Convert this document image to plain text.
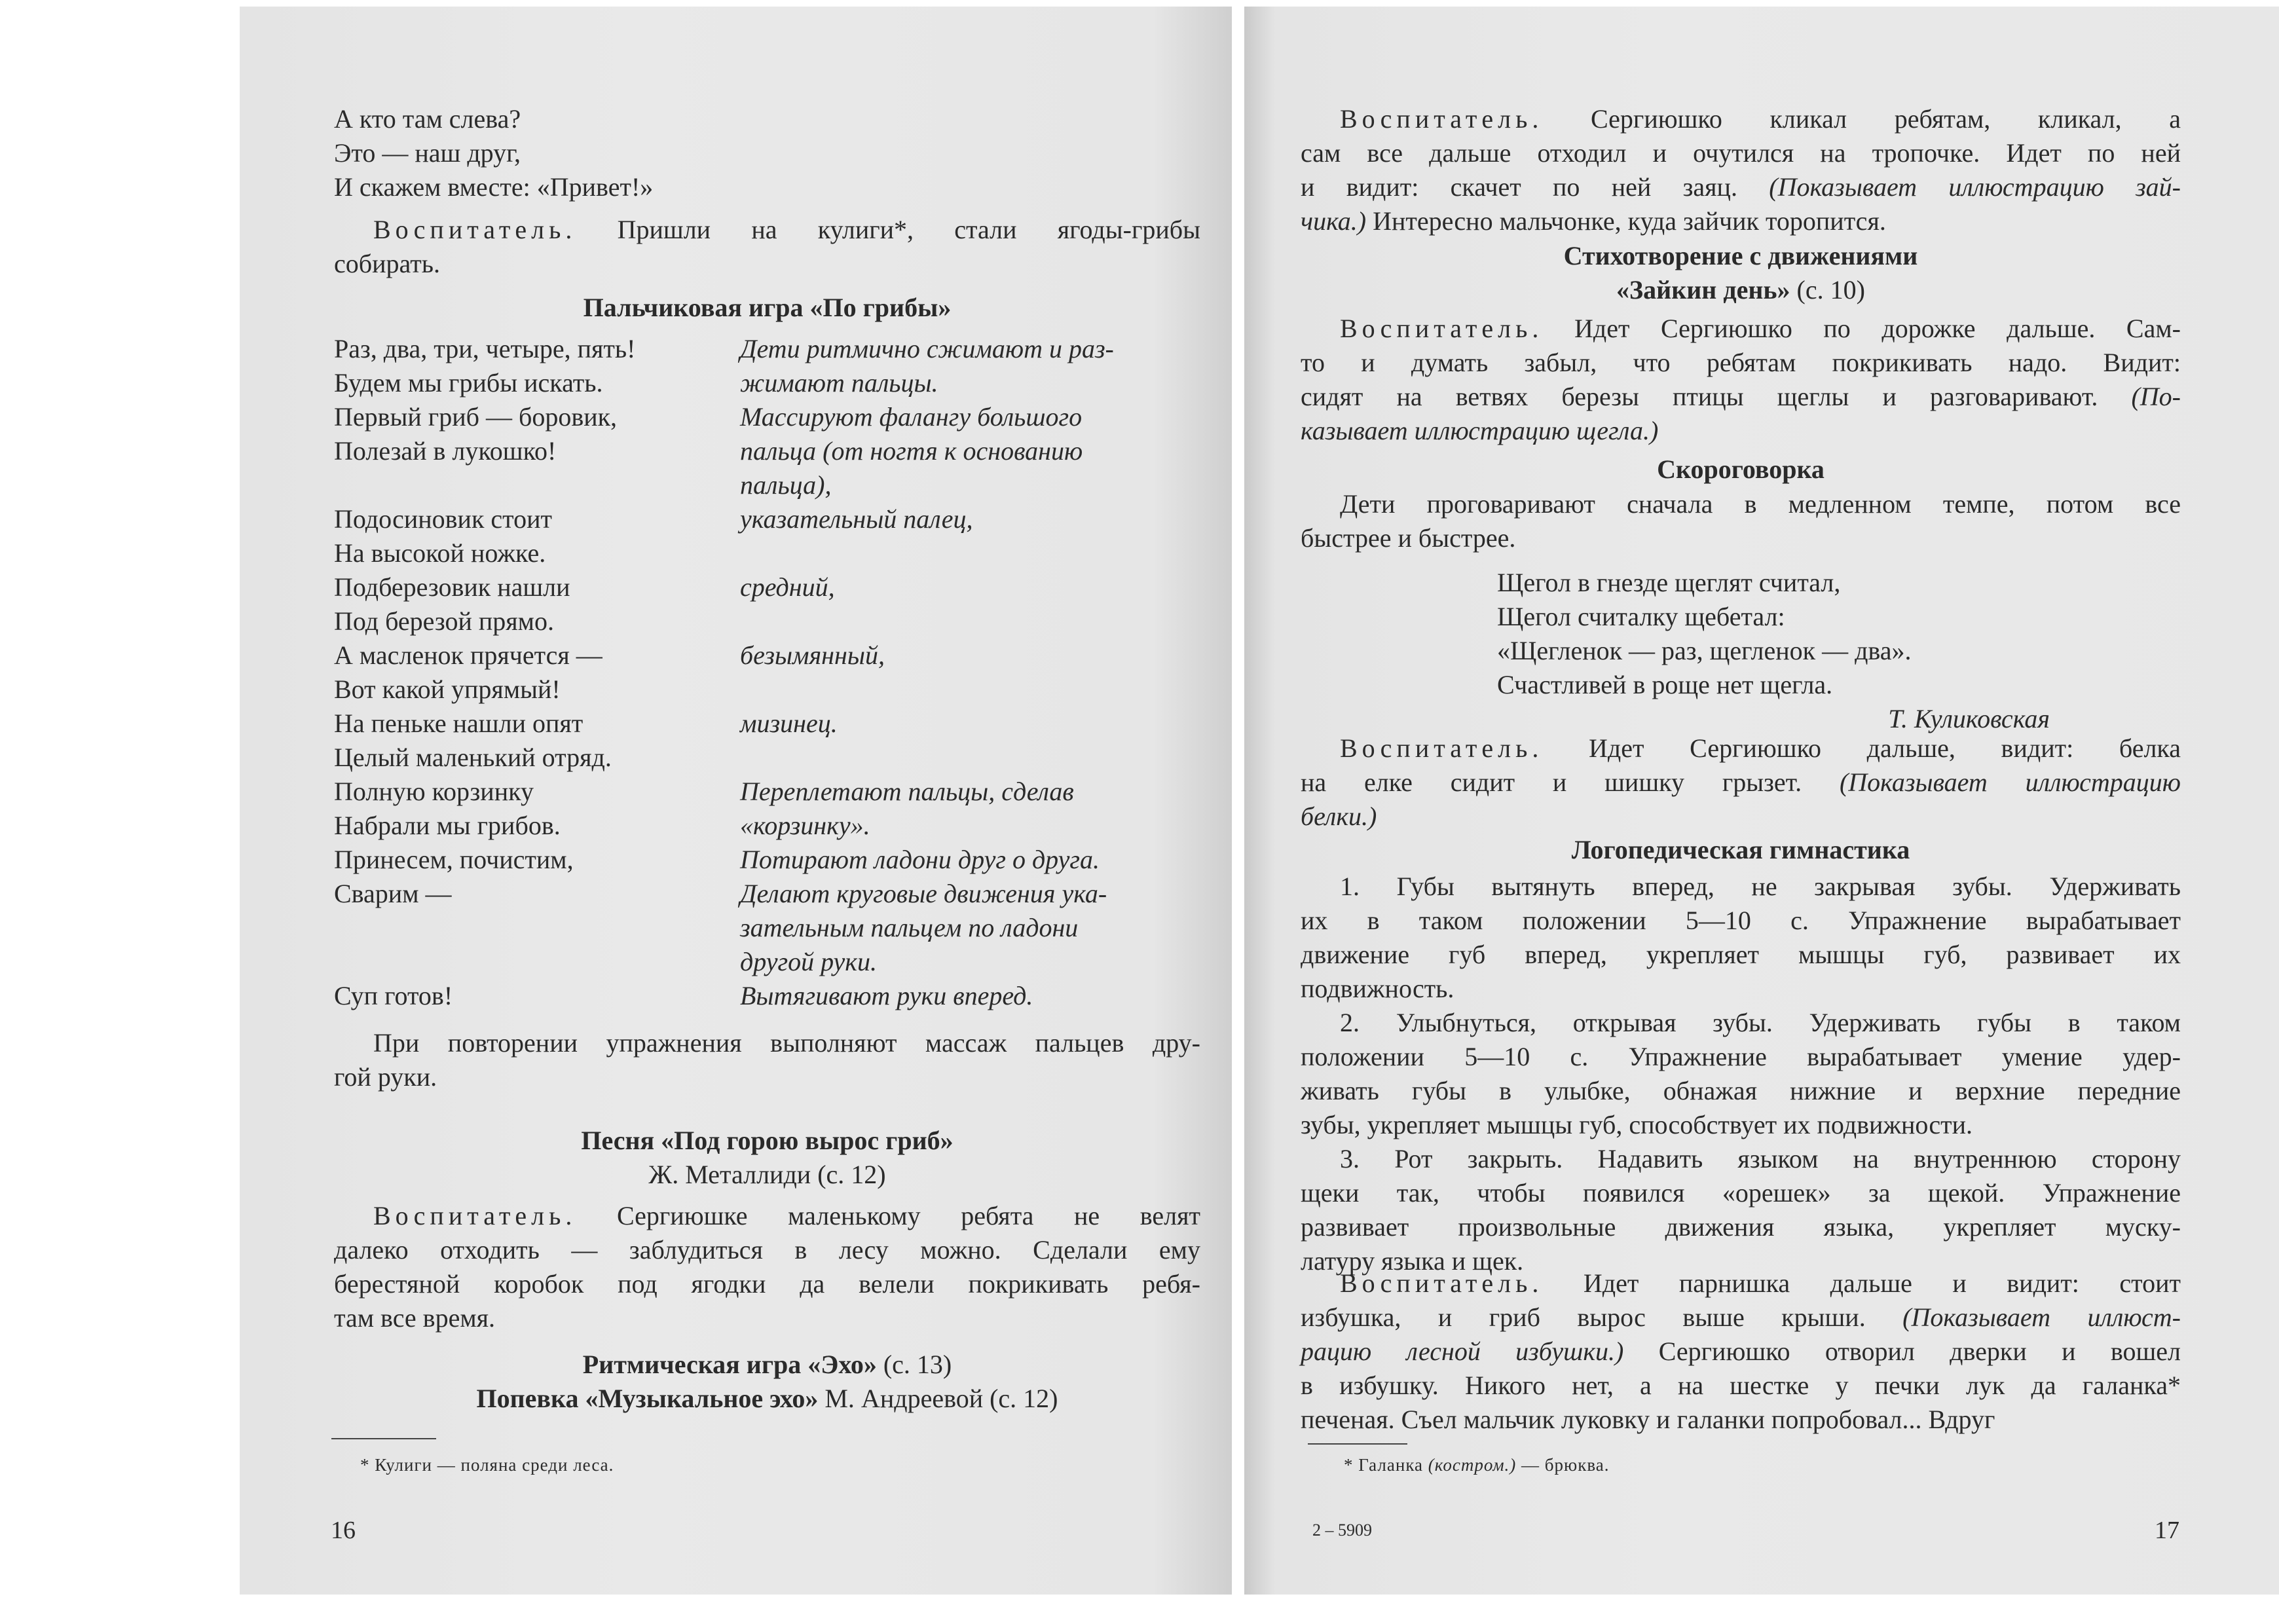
А кто там слева?
Это — наш друг,
И скажем вместе: «Привет!»
Воспитатель. Пришли на кулиги*, стали ягоды-грибы
собирать.
Пальчиковая игра «По грибы»
Раз, два, три, четыре, пять!	Дети ритмично сжимают и раз-
Будем мы грибы искать.	жимают пальцы.
Первый гриб — боровик,	Массируют фалангу большого
Полезай в лукошко!	пальца (от ногтя к основанию
	пальца),
Подосиновик стоит	указательный палец,
На высокой ножке.	
Подберезовик нашли	средний,
Под березой прямо.	
А масленок прячется —	безымянный,
Вот какой упрямый!	
На пеньке нашли опят	мизинец.
Целый маленький отряд.	
Полную корзинку	Переплетают пальцы, сделав
Набрали мы грибов.	«корзинку».
Принесем, почистим,	Потирают ладони друг о друга.
Сварим —	Делают круговые движения ука-
	зательным пальцем по ладони
	другой руки.
Суп готов!	Вытягивают руки вперед.
При повторении упражнения выполняют массаж пальцев дру-
гой руки.
Песня «Под горою вырос гриб»
Ж. Металлиди (с. 12)
Воспитатель. Сергиюшке маленькому ребята не велят
далеко отходить — заблудиться в лесу можно. Сделали ему
берестяной коробок под ягодки да велели покрикивать ребя-
там все время.
Ритмическая игра «Эхо» (с. 13)
Попевка «Музыкальное эхо» М. Андреевой (с. 12)
* Кулиги — поляна среди леса.
16
Воспитатель. Сергиюшко кликал ребятам, кликал, а
сам все дальше отходил и очутился на тропочке. Идет по ней
и видит: скачет по ней заяц. (Показывает иллюстрацию зай-
чика.) Интересно мальчонке, куда зайчик торопится.
Стихотворение с движениями
«Зайкин день» (с. 10)
Воспитатель. Идет Сергиюшко по дорожке дальше. Сам-
то и думать забыл, что ребятам покрикивать надо. Видит:
сидят на ветвях березы птицы щеглы и разговаривают. (По-
казывает иллюстрацию щегла.)
Скороговорка
Дети проговаривают сначала в медленном темпе, потом все
быстрее и быстрее.
Щегол в гнезде щеглят считал,
Щегол считалку щебетал:
«Щегленок — раз, щегленок — два».
Счастливей в роще нет щегла.
Т. Куликовская
Воспитатель. Идет Сергиюшко дальше, видит: белка
на елке сидит и шишку грызет. (Показывает иллюстрацию
белки.)
Логопедическая гимнастика
1. Губы вытянуть вперед, не закрывая зубы. Удерживать
их в таком положении 5—10 с. Упражнение вырабатывает
движение губ вперед, укрепляет мышцы губ, развивает их
подвижность.
2. Улыбнуться, открывая зубы. Удерживать губы в таком
положении 5—10 с. Упражнение вырабатывает умение удер-
живать губы в улыбке, обнажая нижние и верхние передние
зубы, укрепляет мышцы губ, способствует их подвижности.
3. Рот закрыть. Надавить языком на внутреннюю сторону
щеки так, чтобы появился «орешек» за щекой. Упражнение
развивает произвольные движения языка, укрепляет муску-
латуру языка и щек.
Воспитатель. Идет парнишка дальше и видит: стоит
избушка, и гриб вырос выше крыши. (Показывает иллюст-
рацию лесной избушки.) Сергиюшко отворил дверки и вошел
в избушку. Никого нет, а на шестке у печки лук да галанка*
печеная. Съел мальчик луковку и галанки попробовал... Вдруг
* Галанка (костром.) — брюква.
2 – 5909	17
